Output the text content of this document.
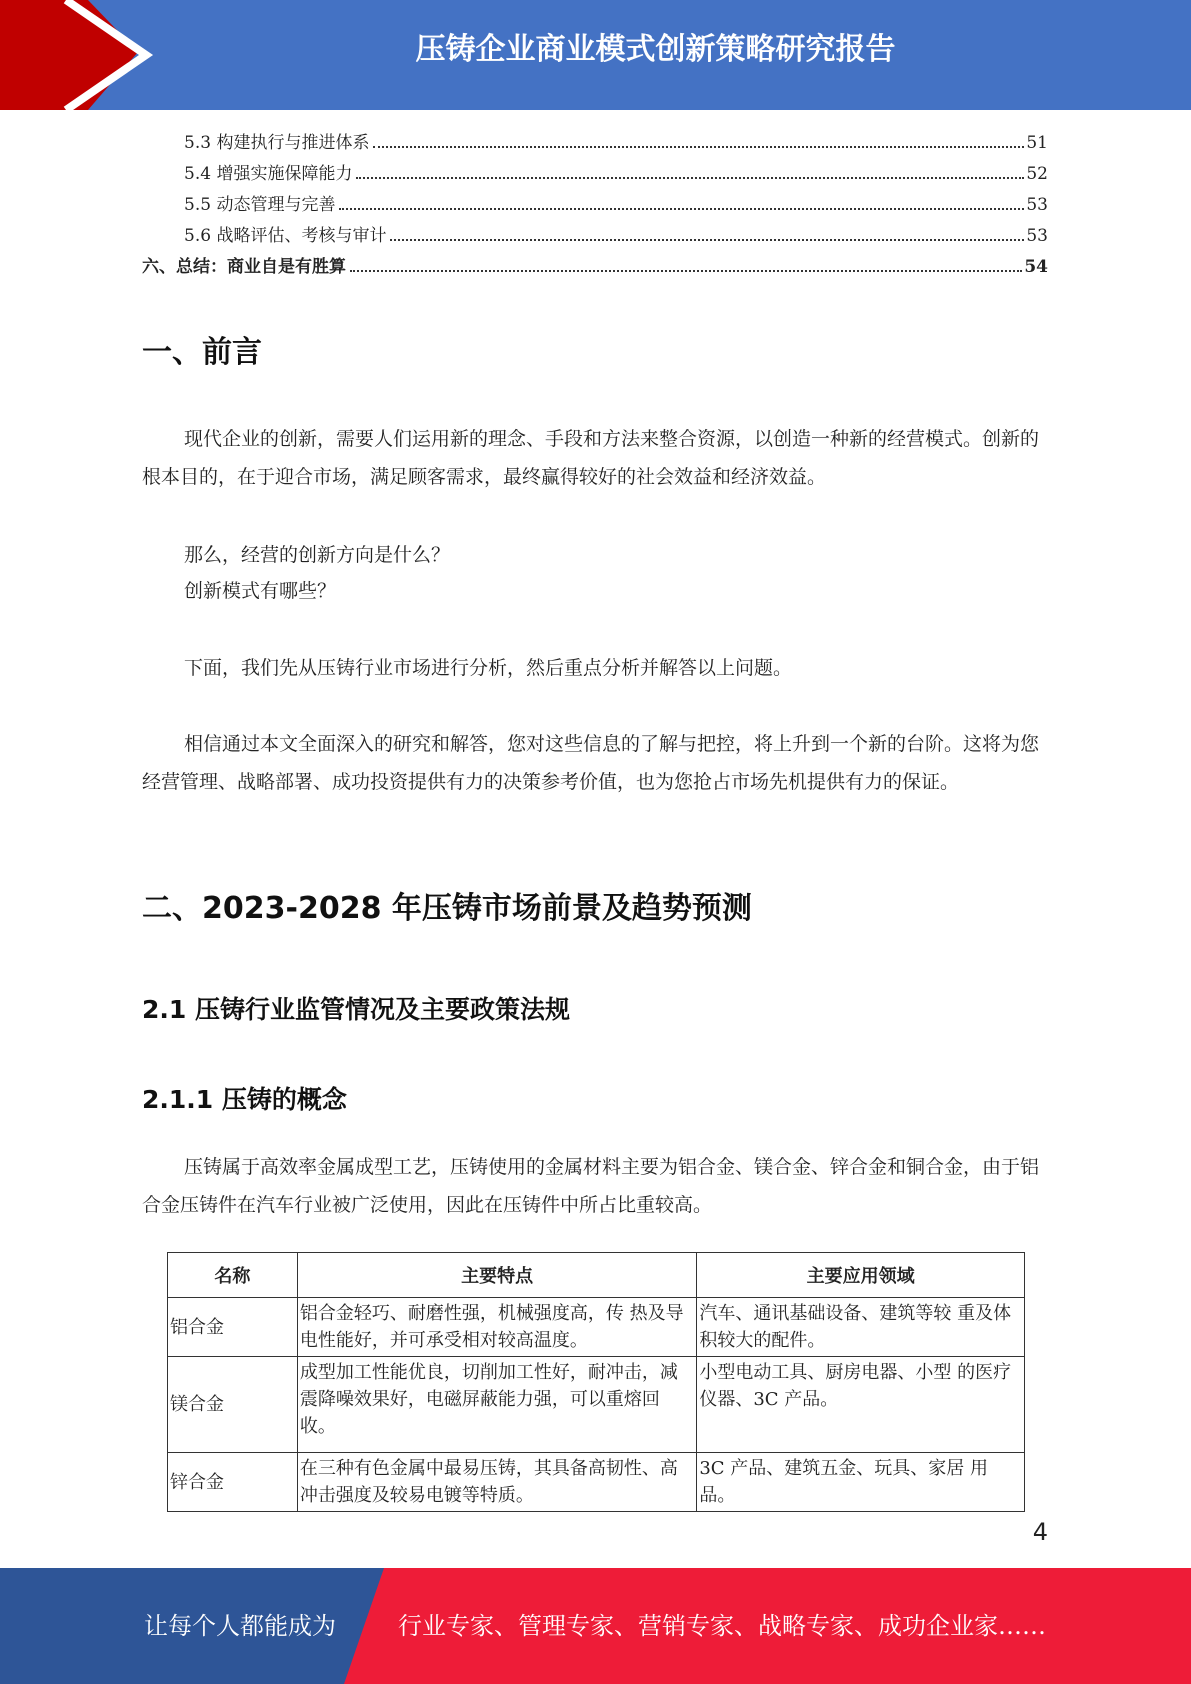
压铸企业商业模式创新策略研究报告
5.3 构建执行与推进体系	51
5.4 增强实施保障能力	52
5.5 动态管理与完善	53
5.6 战略评估、考核与审计	53
六、总结：商业自是有胜算	54
一、前言
现代企业的创新，需要人们运用新的理念、手段和方法来整合资源，以创造一种新的经营模式。创新的根本目的，在于迎合市场，满足顾客需求，最终赢得较好的社会效益和经济效益。
那么，经营的创新方向是什么？
创新模式有哪些？
下面，我们先从压铸行业市场进行分析，然后重点分析并解答以上问题。
相信通过本文全面深入的研究和解答，您对这些信息的了解与把控，将上升到一个新的台阶。这将为您经营管理、战略部署、成功投资提供有力的决策参考价值，也为您抢占市场先机提供有力的保证。
二、2023-2028 年压铸市场前景及趋势预测
2.1 压铸行业监管情况及主要政策法规
2.1.1 压铸的概念
压铸属于高效率金属成型工艺，压铸使用的金属材料主要为铝合金、镁合金、锌合金和铜合金，由于铝合金压铸件在汽车行业被广泛使用，因此在压铸件中所占比重较高。
名称	主要特点	主要应用领域
铝合金	铝合金轻巧、耐磨性强，机械强度高，传 热及导电性能好，并可承受相对较高温度。	汽车、通讯基础设备、建筑等较 重及体积较大的配件。
镁合金	成型加工性能优良，切削加工性好，耐冲击，减震降噪效果好，电磁屏蔽能力强，可以重熔回收。	小型电动工具、厨房电器、小型 的医疗仪器、3C 产品。
锌合金	在三种有色金属中最易压铸，其具备高韧性、高冲击强度及较易电镀等特质。	3C 产品、建筑五金、玩具、家居 用品。
4
让每个人都能成为	行业专家、管理专家、营销专家、战略专家、成功企业家……
